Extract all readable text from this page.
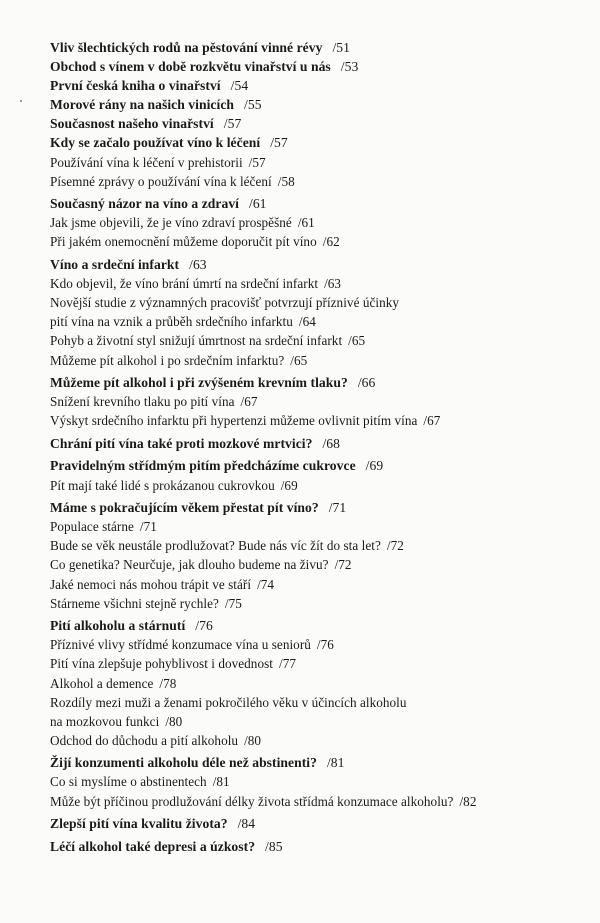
Vliv šlechtických rodů na pěstování vinné révy /51
Obchod s vínem v době rozkvětu vinařství u nás /53
První česká kniha o vinařství /54
Morové rány na našich vinicích /55
Současnost našeho vinařství /57
Kdy se začalo používat víno k léčení /57
Používání vína k léčení v prehistorii /57
Písemné zprávy o používání vína k léčení /58
Současný názor na víno a zdraví /61
Jak jsme objevili, že je víno zdraví prospěšné /61
Při jakém onemocnění můžeme doporučit pít víno /62
Víno a srdeční infarkt /63
Kdo objevil, že víno brání úmrtí na srdeční infarkt /63
Novější studie z významných pracovišť potvrzují příznivé účinky
pití vína na vznik a průběh srdečního infarktu /64
Pohyb a životní styl snižují úmrtnost na srdeční infarkt /65
Můžeme pít alkohol i po srdečním infarktu? /65
Můžeme pít alkohol i při zvýšeném krevním tlaku? /66
Snížení krevního tlaku po pití vína /67
Výskyt srdečního infarktu při hypertenzi můžeme ovlivnit pitím vína /67
Chrání pití vína také proti mozkové mrtvici? /68
Pravidelným střídmým pitím předcházíme cukrovce /69
Pít mají také lidé s prokázanou cukrovkou /69
Máme s pokračujícím věkem přestat pít víno? /71
Populace stárne /71
Bude se věk neustále prodlužovat? Bude nás víc žít do sta let? /72
Co genetika? Neurčuje, jak dlouho budeme na živu? /72
Jaké nemoci nás mohou trápit ve stáří /74
Stárneme všichni stejně rychle? /75
Pití alkoholu a stárnutí /76
Příznivé vlivy střídmé konzumace vína u seniorů /76
Pití vína zlepšuje pohyblivost i dovednost /77
Alkohol a demence /78
Rozdíly mezi muži a ženami pokročilého věku v účincích alkoholu
na mozkovou funkci /80
Odchod do důchodu a pití alkoholu /80
Žijí konzumenti alkoholu déle než abstinenti? /81
Co si myslíme o abstinentech /81
Může být příčinou prodlužování délky života střídmá konzumace alkoholu? /82
Zlepší pití vína kvalitu života? /84
Léčí alkohol také depresi a úzkost? /85
